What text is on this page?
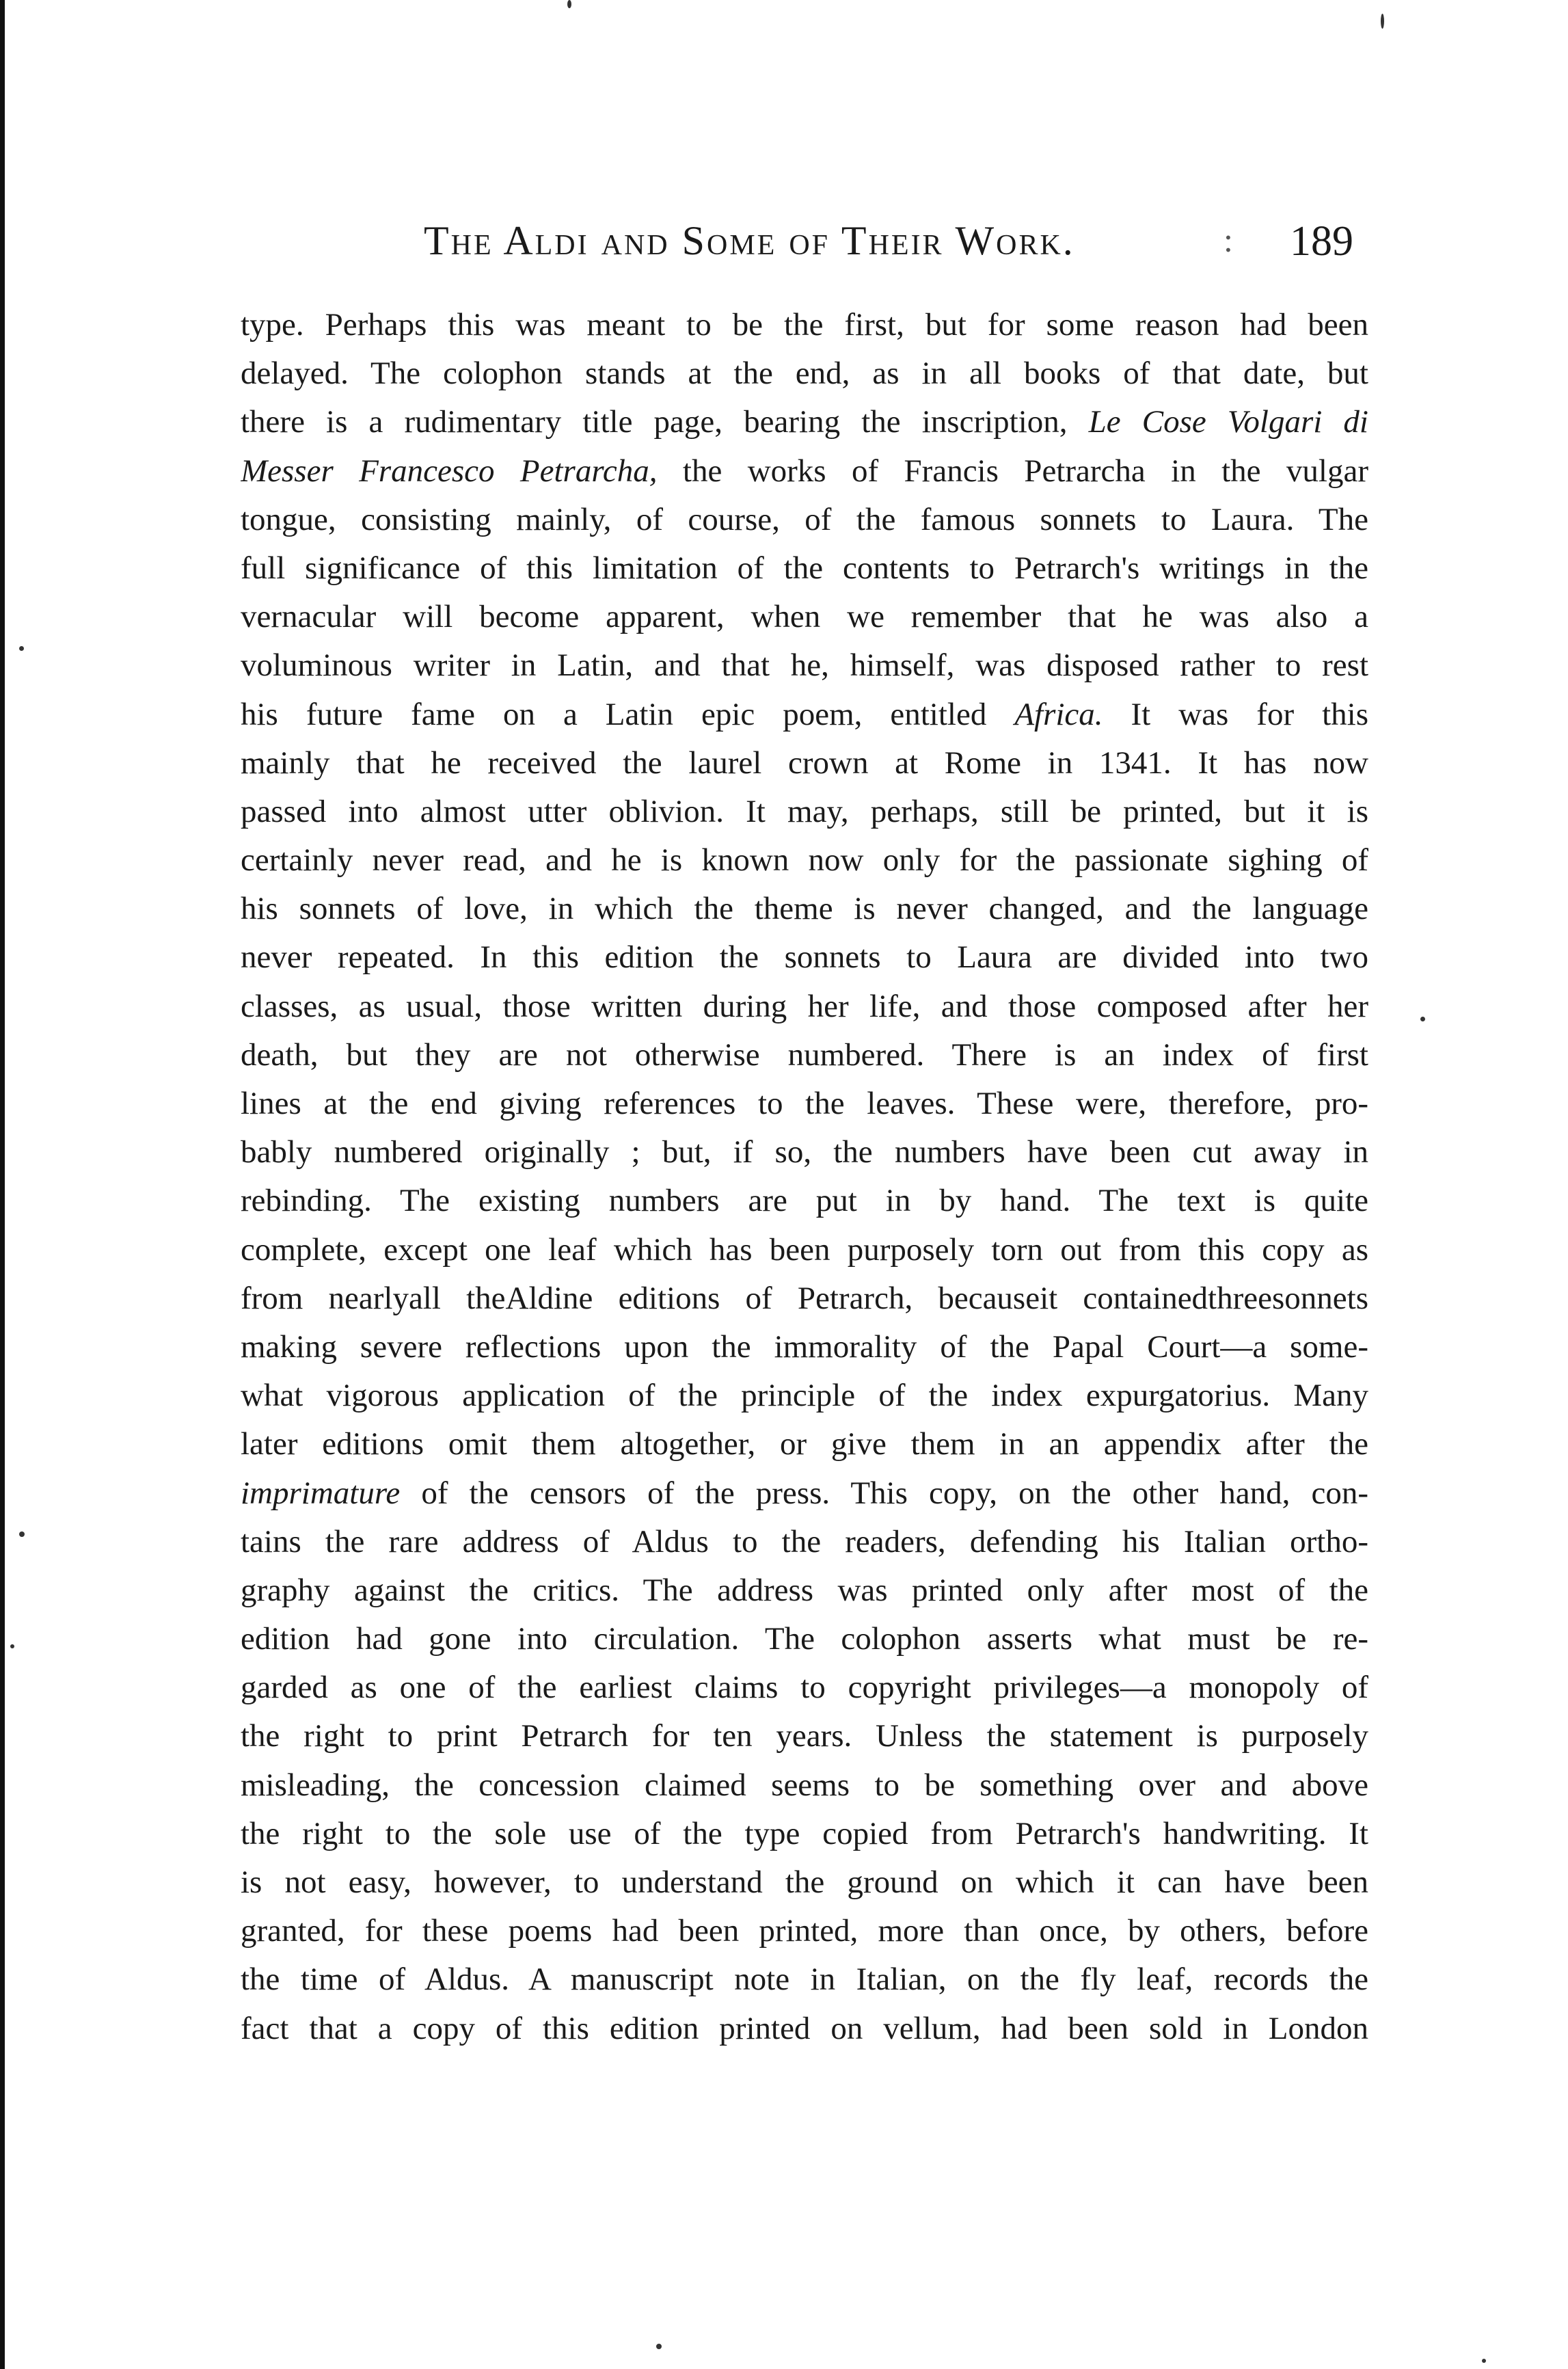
The Aldi and Some of Their Work.	: 189
type. Perhaps this was meant to be the first, but for some reason had been
delayed. The colophon stands at the end, as in all books of that date, but
there is a rudimentary title page, bearing the inscription, Le Cose Volgari di
Messer Francesco Petrarcha, the works of Francis Petrarcha in the vulgar
tongue, consisting mainly, of course, of the famous sonnets to Laura. The
full significance of this limitation of the contents to Petrarch's writings in the
vernacular will become apparent, when we remember that he was also a
voluminous writer in Latin, and that he, himself, was disposed rather to rest
his future fame on a Latin epic poem, entitled Africa. It was for this
mainly that he received the laurel crown at Rome in 1341. It has now
passed into almost utter oblivion. It may, perhaps, still be printed, but it is
certainly never read, and he is known now only for the passionate sighing of
his sonnets of love, in which the theme is never changed, and the language
never repeated. In this edition the sonnets to Laura are divided into two
classes, as usual, those written during her life, and those composed after her
death, but they are not otherwise numbered. There is an index of first
lines at the end giving references to the leaves. These were, therefore, pro-
bably numbered originally ; but, if so, the numbers have been cut away in
rebinding. The existing numbers are put in by hand. The text is quite
complete, except one leaf which has been purposely torn out from this copy as
from nearlyall theAldine editions of Petrarch, becauseit containedthreesonnets
making severe reflections upon the immorality of the Papal Court—a some-
what vigorous application of the principle of the index expurgatorius. Many
later editions omit them altogether, or give them in an appendix after the
imprimature of the censors of the press. This copy, on the other hand, con-
tains the rare address of Aldus to the readers, defending his Italian ortho-
graphy against the critics. The address was printed only after most of the
edition had gone into circulation. The colophon asserts what must be re-
garded as one of the earliest claims to copyright privileges—a monopoly of
the right to print Petrarch for ten years. Unless the statement is purposely
misleading, the concession claimed seems to be something over and above
the right to the sole use of the type copied from Petrarch's handwriting. It
is not easy, however, to understand the ground on which it can have been
granted, for these poems had been printed, more than once, by others, before
the time of Aldus. A manuscript note in Italian, on the fly leaf, records the
fact that a copy of this edition printed on vellum, had been sold in London
